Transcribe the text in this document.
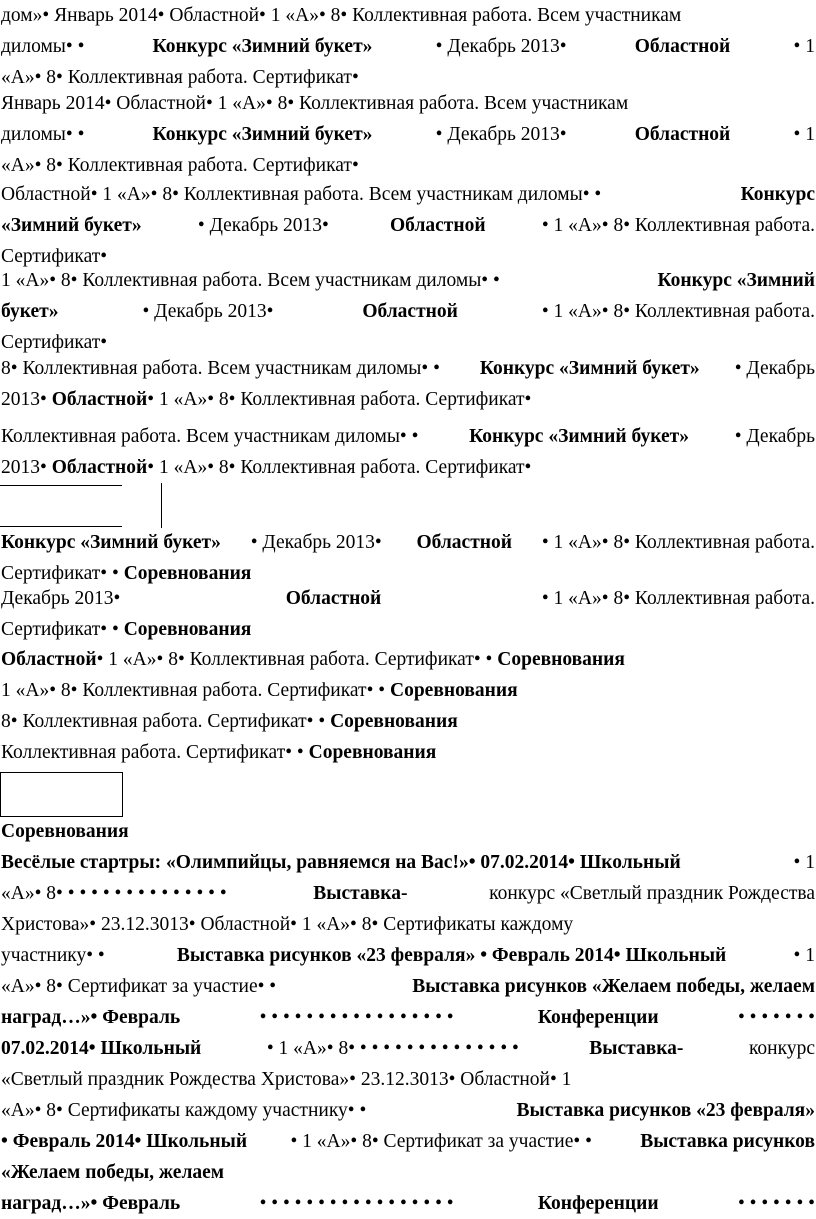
дом»• Январь 2014• Областной• 1 «А»• 8• Коллективная работа. Всем участникам
диломы• •	Конкурс «Зимний букет»	• Декабрь 2013•	Областной	• 1
«А»• 8• Коллективная работа. Сертификат•
Январь 2014• Областной• 1 «А»• 8• Коллективная работа. Всем участникам
диломы• •	Конкурс «Зимний букет»	• Декабрь 2013•	Областной	• 1
«А»• 8• Коллективная работа. Сертификат•
Областной• 1 «А»• 8• Коллективная работа. Всем участникам диломы• •	Конкурс
«Зимний букет»	• Декабрь 2013•	Областной	• 1 «А»• 8• Коллективная работа.
Сертификат•
1 «А»• 8• Коллективная работа. Всем участникам диломы• •	Конкурс «Зимний
букет»	• Декабрь 2013•	Областной	• 1 «А»• 8• Коллективная работа.
Сертификат•
8• Коллективная работа. Всем участникам диломы• • Конкурс «Зимний букет» • Декабрь
2013• Областной • 1 «А»• 8• Коллективная работа. Сертификат•
Коллективная работа. Всем участникам диломы• • Конкурс «Зимний букет» • Декабрь
2013• Областной • 1 «А»• 8• Коллективная работа. Сертификат•
Конкурс «Зимний букет» • Декабрь 2013• Областной • 1 «А»• 8• Коллективная работа.
Сертификат• • Соревнования
Декабрь 2013•	Областной	• 1 «А»• 8• Коллективная работа.
Сертификат• • Соревнования
Областной • 1 «А»• 8• Коллективная работа. Сертификат• • Соревнования
1 «А»• 8• Коллективная работа. Сертификат• • Соревнования
8• Коллективная работа. Сертификат• • Соревнования
Коллективная работа. Сертификат• • Соревнования
Соревнования
Весёлые стартры: «Олимпийцы, равняемся на Вас!»• 07.02.2014• Школьный	• 1
«А»• 8• • • • • • • • • • • • • • •	Выставка-	конкурс «Светлый праздник Рождества
Христова»• 23.12.3013• Областной• 1 «А»• 8• Сертификаты каждому
участнику• •	Выставка рисунков «23 февраля» • Февраль 2014• Школьный	• 1
«А»• 8• Сертификат за участие• •	Выставка рисунков «Желаем победы, желаем
наград…»• Февраль	• • • • • • • • • • • • • • • • •	Конференции	• • • • • • •
07.02.2014• Школьный	• 1 «А»• 8• • • • • • • • • • • • • • •	Выставка-	конкурс
«Светлый праздник Рождества Христова»• 23.12.3013• Областной• 1
«А»• 8• Сертификаты каждому участнику• •	Выставка рисунков «23 февраля»
• Февраль 2014• Школьный • 1 «А»• 8• Сертификат за участие• • Выставка рисунков
«Желаем победы, желаем
наград…»• Февраль	• • • • • • • • • • • • • • • • •	Конференции	• • • • • • •
